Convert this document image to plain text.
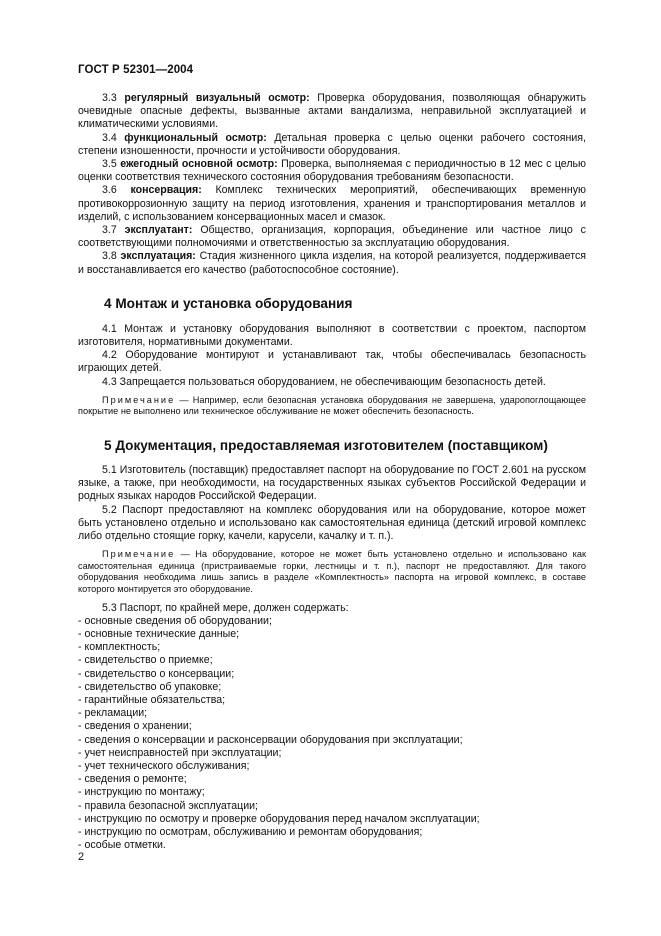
ГОСТ Р 52301—2004

3.3 регулярный визуальный осмотр: Проверка оборудования, позволяющая обнаружить очевидные опасные дефекты, вызванные актами вандализма, неправильной эксплуатацией и климатическими условиями.

3.4 функциональный осмотр: Детальная проверка с целью оценки рабочего состояния, степени изношенности, прочности и устойчивости оборудования.

3.5 ежегодный основной осмотр: Проверка, выполняемая с периодичностью в 12 мес с целью оценки соответствия технического состояния оборудования требованиям безопасности.

3.6 консервация: Комплекс технических мероприятий, обеспечивающих временную противокоррозионную защиту на период изготовления, хранения и транспортирования металлов и изделий, с использованием консервационных масел и смазок.

3.7 эксплуатант: Общество, организация, корпорация, объединение или частное лицо с соответствующими полномочиями и ответственностью за эксплуатацию оборудования.

3.8 эксплуатация: Стадия жизненного цикла изделия, на которой реализуется, поддерживается и восстанавливается его качество (работоспособное состояние).

4 Монтаж и установка оборудования

4.1 Монтаж и установку оборудования выполняют в соответствии с проектом, паспортом изготовителя, нормативными документами.

4.2 Оборудование монтируют и устанавливают так, чтобы обеспечивалась безопасность играющих детей.

4.3 Запрещается пользоваться оборудованием, не обеспечивающим безопасность детей.

Примечание — Например, если безопасная установка оборудования не завершена, ударопоглощающее покрытие не выполнено или техническое обслуживание не может обеспечить безопасность.

5 Документация, предоставляемая изготовителем (поставщиком)

5.1 Изготовитель (поставщик) предоставляет паспорт на оборудование по ГОСТ 2.601 на русском языке, а также, при необходимости, на государственных языках субъектов Российской Федерации и родных языках народов Российской Федерации.

5.2 Паспорт предоставляют на комплекс оборудования или на оборудование, которое может быть установлено отдельно и использовано как самостоятельная единица (детский игровой комплекс либо отдельно стоящие горку, качели, карусели, качалку и т. п.).

Примечание — На оборудование, которое не может быть установлено отдельно и использовано как самостоятельная единица (пристраиваемые горки, лестницы и т. п.), паспорт не предоставляют. Для такого оборудования необходима лишь запись в разделе «Комплектность» паспорта на игровой комплекс, в составе которого монтируется это оборудование.

5.3 Паспорт, по крайней мере, должен содержать:

- основные сведения об оборудовании;
- основные технические данные;
- комплектность;
- свидетельство о приемке;
- свидетельство о консервации;
- свидетельство об упаковке;
- гарантийные обязательства;
- рекламации;
- сведения о хранении;
- сведения о консервации и расконсервации оборудования при эксплуатации;
- учет неисправностей при эксплуатации;
- учет технического обслуживания;
- сведения о ремонте;
- инструкцию по монтажу;
- правила безопасной эксплуатации;
- инструкцию по осмотру и проверке оборудования перед началом эксплуатации;
- инструкцию по осмотрам, обслуживанию и ремонтам оборудования;
- особые отметки.
2
